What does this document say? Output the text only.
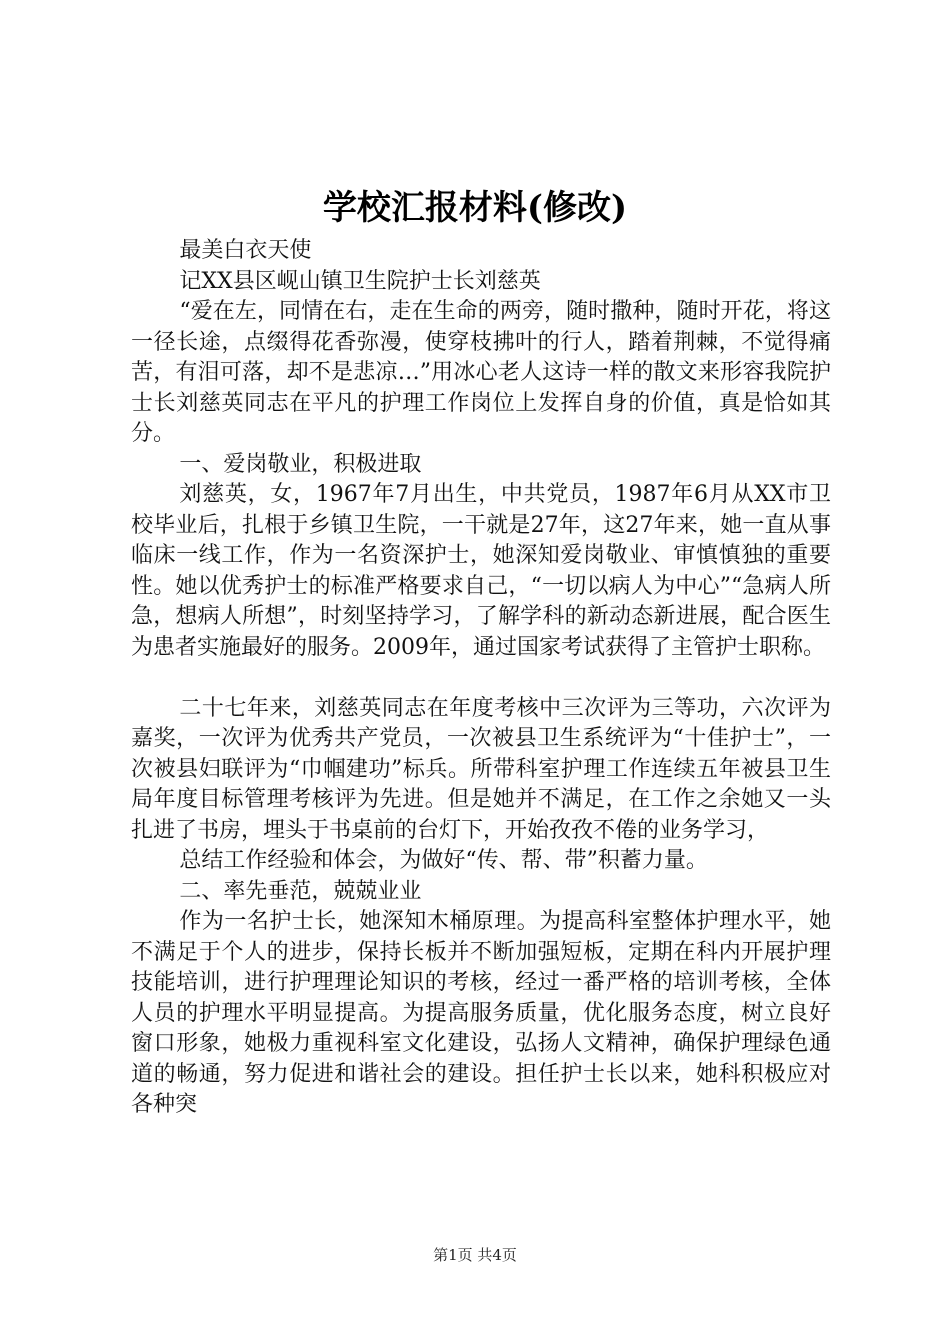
学校汇报材料(修改)

最美白衣天使

记XX县区岘山镇卫生院护士长刘慈英

“爱在左，同情在右，走在生命的两旁，随时撒种，随时开花，将这一径长途，点缀得花香弥漫，使穿枝拂叶的行人，踏着荆棘，不觉得痛苦，有泪可落，却不是悲凉…”用冰心老人这诗一样的散文来形容我院护士长刘慈英同志在平凡的护理工作岗位上发挥自身的价值，真是恰如其分。

一、爱岗敬业，积极进取

刘慈英，女，1967年7月出生，中共党员，1987年6月从XX市卫校毕业后，扎根于乡镇卫生院，一干就是27年，这27年来，她一直从事临床一线工作，作为一名资深护士，她深知爱岗敬业、审慎慎独的重要性。她以优秀护士的标准严格要求自己，“一切以病人为中心”“急病人所急，想病人所想”，时刻坚持学习，了解学科的新动态新进展，配合医生为患者实施最好的服务。2009年，通过国家考试获得了主管护士职称。

二十七年来，刘慈英同志在年度考核中三次评为三等功，六次评为嘉奖，一次评为优秀共产党员，一次被县卫生系统评为“十佳护士”，一次被县妇联评为“巾帼建功”标兵。所带科室护理工作连续五年被县卫生局年度目标管理考核评为先进。但是她并不满足，在工作之余她又一头扎进了书房，埋头于书桌前的台灯下，开始孜孜不倦的业务学习，

总结工作经验和体会，为做好“传、帮、带”积蓄力量。

二、率先垂范，兢兢业业

作为一名护士长，她深知木桶原理。为提高科室整体护理水平，她不满足于个人的进步，保持长板并不断加强短板，定期在科内开展护理技能培训，进行护理理论知识的考核，经过一番严格的培训考核，全体人员的护理水平明显提高。为提高服务质量，优化服务态度，树立良好窗口形象，她极力重视科室文化建设，弘扬人文精神，确保护理绿色通道的畅通，努力促进和谐社会的建设。担任护士长以来，她科积极应对各种突

第1页 共4页
